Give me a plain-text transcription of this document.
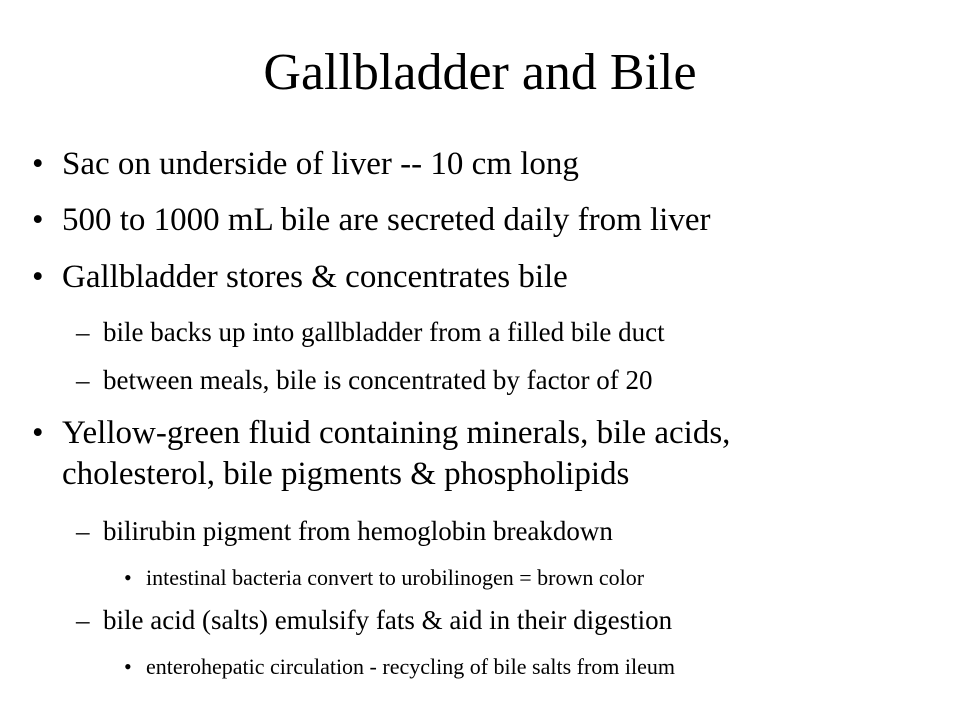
Gallbladder and Bile
• Sac on underside of liver -- 10 cm long
• 500 to 1000 mL bile are secreted daily from liver
• Gallbladder stores & concentrates bile
– bile backs up into gallbladder from a filled bile duct
– between meals, bile is concentrated by factor of 20
• Yellow-green fluid containing minerals, bile acids,
cholesterol, bile pigments & phospholipids
– bilirubin pigment from hemoglobin breakdown
• intestinal bacteria convert to urobilinogen = brown color
– bile acid (salts) emulsify fats & aid in their digestion
• enterohepatic circulation - recycling of bile salts from ileum
